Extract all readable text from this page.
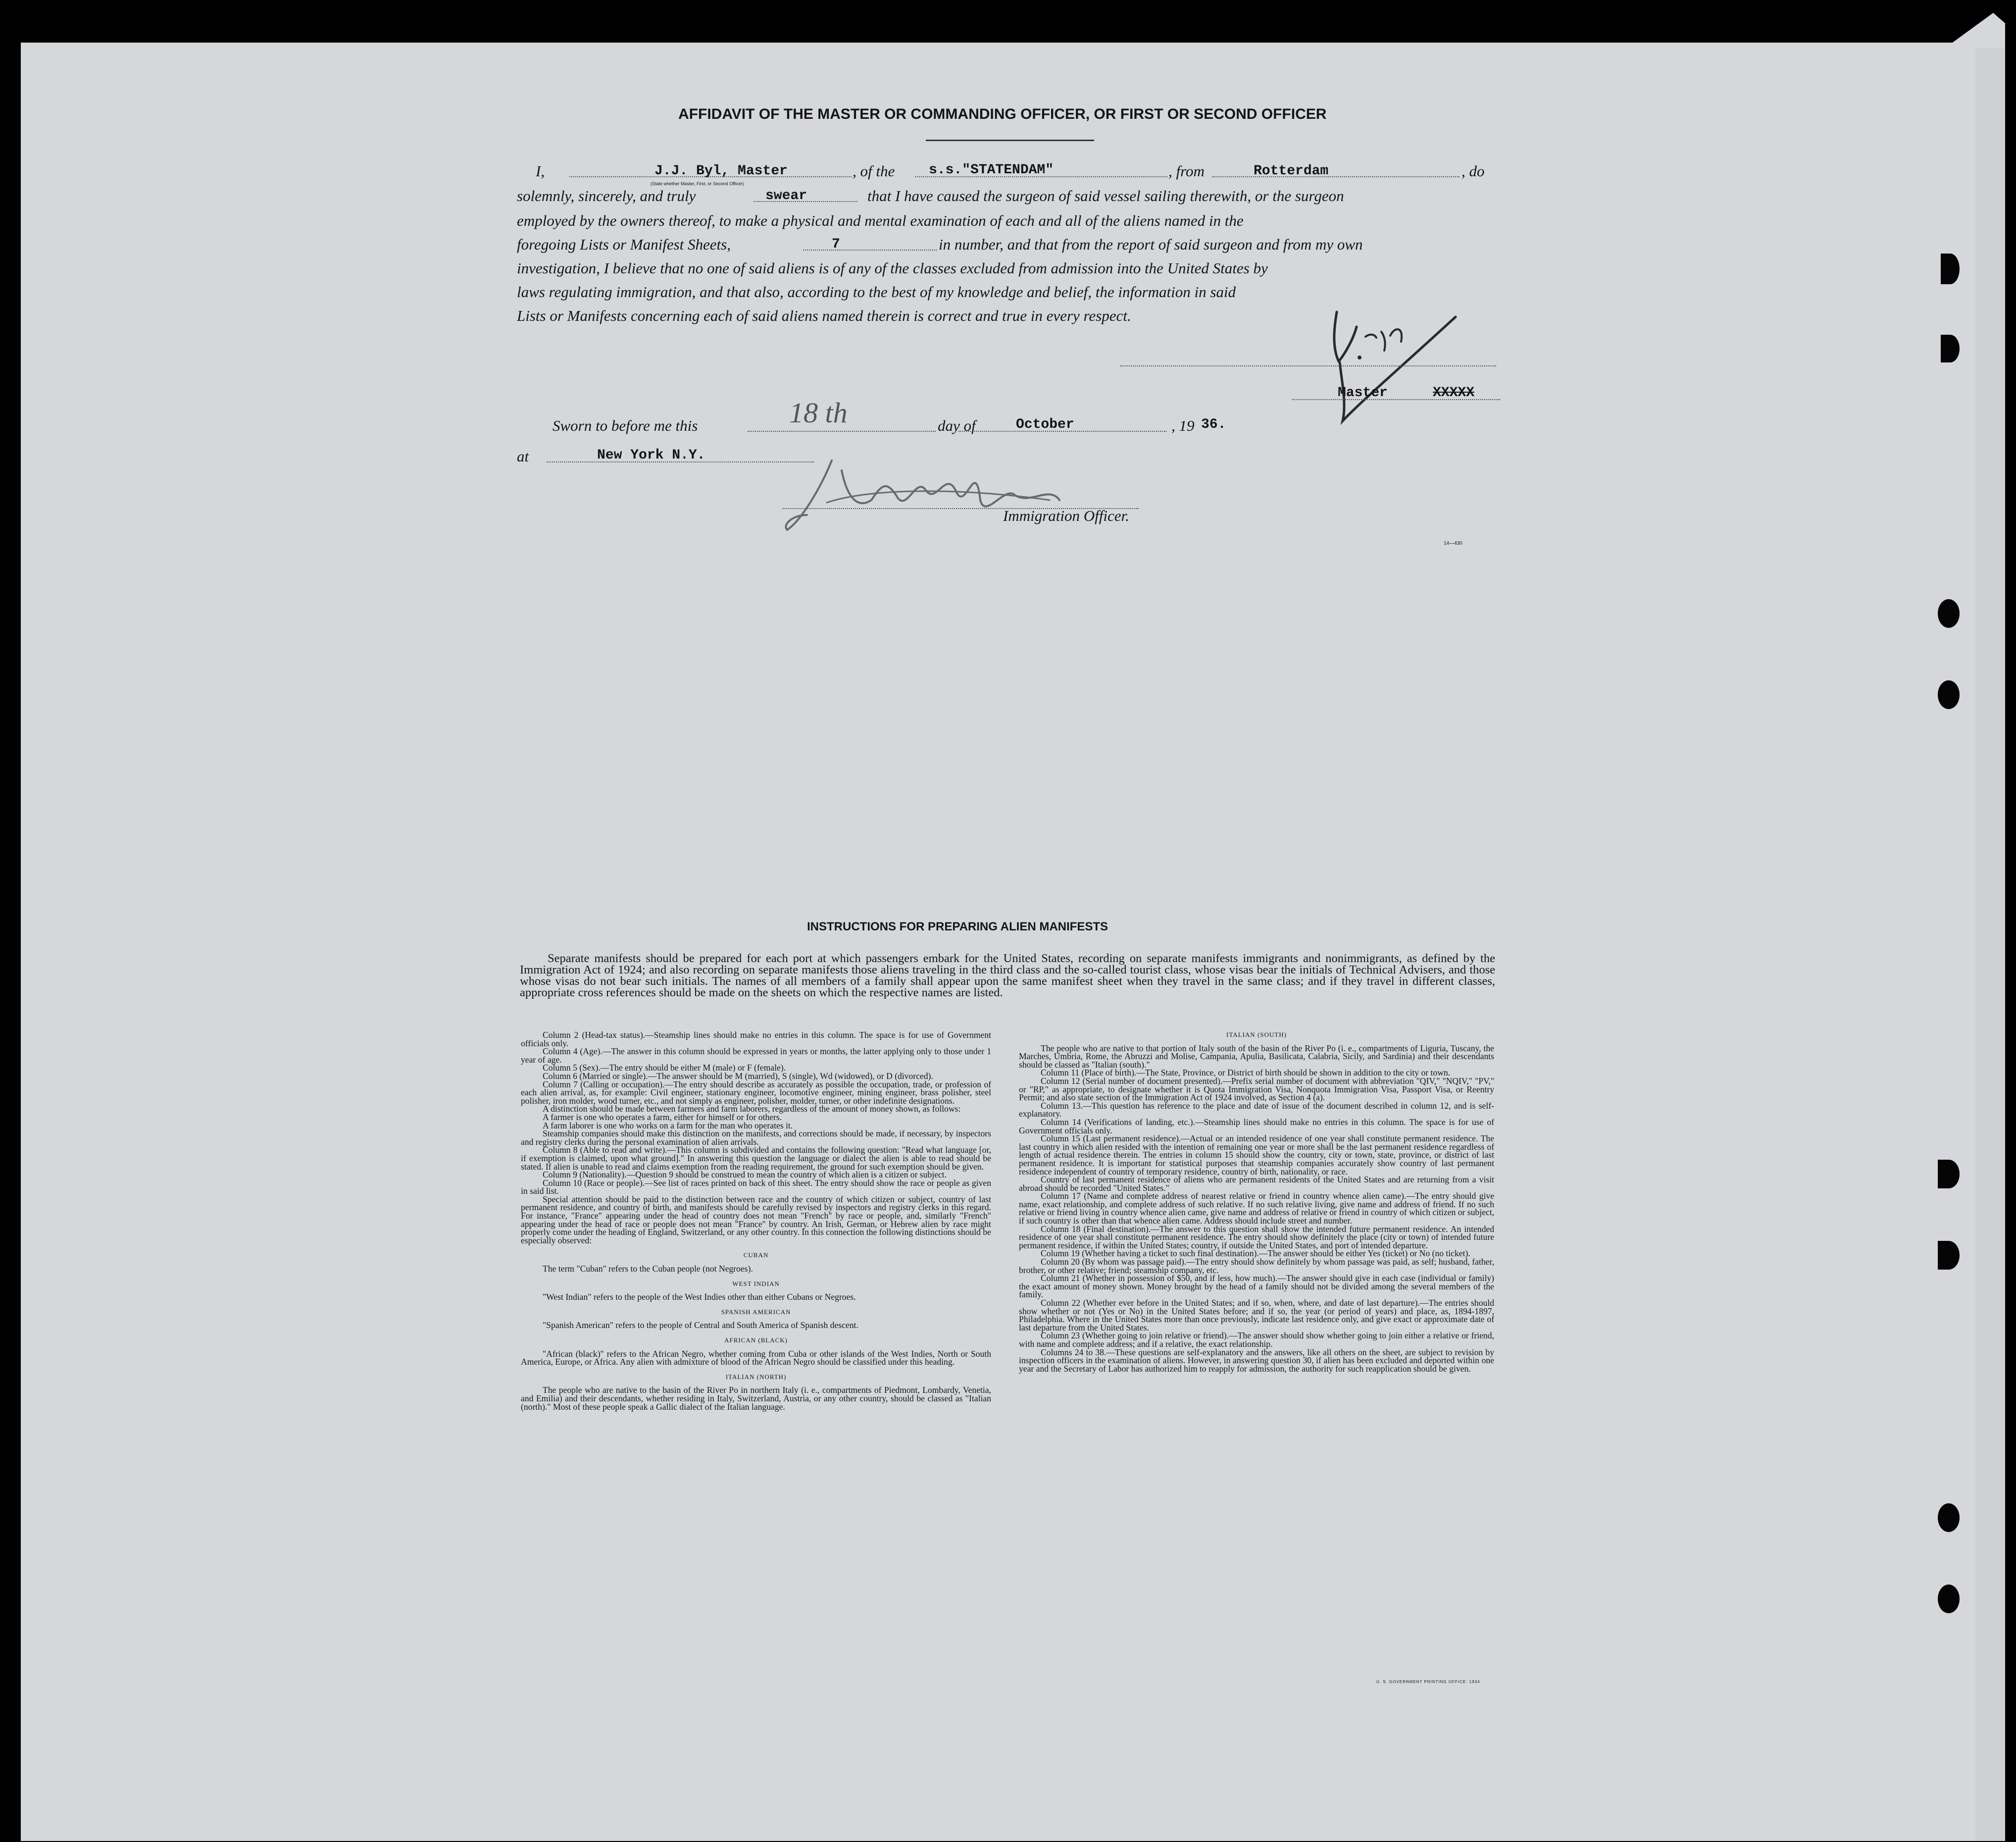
AFFIDAVIT OF THE MASTER OR COMMANDING OFFICER, OR FIRST OR SECOND OFFICER
I,	J.J. Byl, Master
(State whether Master, First, or Second Officer)
, of the s.s."STATENDAM"	, from	Rotterdam	, do
solemnly, sincerely, and truly	swear	that I have caused the surgeon of said vessel sailing therewith, or the surgeon
employed by the owners thereof, to make a physical and mental examination of each and all of the aliens named in the
foregoing Lists or Manifest Sheets,	7	in number, and that from the report of said surgeon and from my own
investigation, I believe that no one of said aliens is of any of the classes excluded from admission into the United States by
laws regulating immigration, and that also, according to the best of my knowledge and belief, the information in said
Lists or Manifests concerning each of said aliens named therein is correct and true in every respect.
Master	XXXXX
Sworn to before me this	18 th	day of	October	, 19 36.
at	New York N.Y.
Immigration Officer.
14—430
INSTRUCTIONS FOR PREPARING ALIEN MANIFESTS
Separate manifests should be prepared for each port at which passengers embark for the United States, recording on separate manifests immigrants and nonimmigrants, as defined by the Immigration Act of 1924; and also recording on separate manifests those aliens traveling in the third class and the so-called tourist class, whose visas bear the initials of Technical Advisers, and those whose visas do not bear such initials. The names of all members of a family shall appear upon the same manifest sheet when they travel in the same class; and if they travel in different classes, appropriate cross references should be made on the sheets on which the respective names are listed.

Column 2 (Head-tax status).—Steamship lines should make no entries in this column. The space is for use of Government officials only.

Column 4 (Age).—The answer in this column should be expressed in years or months, the latter applying only to those under 1 year of age.

Column 5 (Sex).—The entry should be either M (male) or F (female).

Column 6 (Married or single).—The answer should be M (married), S (single), Wd (widowed), or D (divorced).

Column 7 (Calling or occupation).—The entry should describe as accurately as possible the occupation, trade, or profession of each alien arrival, as, for example: Civil engineer, stationary engineer, locomotive engineer, mining engineer, brass polisher, steel polisher, iron molder, wood turner, etc., and not simply as engineer, polisher, molder, turner, or other indefinite designations.

A distinction should be made between farmers and farm laborers, regardless of the amount of money shown, as follows:

A farmer is one who operates a farm, either for himself or for others.

A farm laborer is one who works on a farm for the man who operates it.

Steamship companies should make this distinction on the manifests, and corrections should be made, if necessary, by inspectors and registry clerks during the personal examination of alien arrivals.

Column 8 (Able to read and write).—This column is subdivided and contains the following question: "Read what language [or, if exemption is claimed, upon what ground]." In answering this question the language or dialect the alien is able to read should be stated. If alien is unable to read and claims exemption from the reading requirement, the ground for such exemption should be given.

Column 9 (Nationality).—Question 9 should be construed to mean the country of which alien is a citizen or subject.

Column 10 (Race or people).—See list of races printed on back of this sheet. The entry should show the race or people as given in said list.

Special attention should be paid to the distinction between race and the country of which citizen or subject, country of last permanent residence, and country of birth, and manifests should be carefully revised by inspectors and registry clerks in this regard. For instance, "France" appearing under the head of country does not mean "French" by race or people, and, similarly "French" appearing under the head of race or people does not mean "France" by country. An Irish, German, or Hebrew alien by race might properly come under the heading of England, Switzerland, or any other country. In this connection the following distinctions should be especially observed:

CUBAN

The term "Cuban" refers to the Cuban people (not Negroes).

WEST INDIAN

"West Indian" refers to the people of the West Indies other than either Cubans or Negroes.

SPANISH AMERICAN

"Spanish American" refers to the people of Central and South America of Spanish descent.

AFRICAN (BLACK)

"African (black)" refers to the African Negro, whether coming from Cuba or other islands of the West Indies, North or South America, Europe, or Africa. Any alien with admixture of blood of the African Negro should be classified under this heading.

ITALIAN (NORTH)

The people who are native to the basin of the River Po in northern Italy (i. e., compartments of Piedmont, Lombardy, Venetia, and Emilia) and their descendants, whether residing in Italy, Switzerland, Austria, or any other country, should be classed as "Italian (north)." Most of these people speak a Gallic dialect of the Italian language.

ITALIAN (SOUTH)

The people who are native to that portion of Italy south of the basin of the River Po (i. e., compartments of Liguria, Tuscany, the Marches, Umbria, Rome, the Abruzzi and Molise, Campania, Apulia, Basilicata, Calabria, Sicily, and Sardinia) and their descendants should be classed as "Italian (south)."

Column 11 (Place of birth).—The State, Province, or District of birth should be shown in addition to the city or town.

Column 12 (Serial number of document presented).—Prefix serial number of document with abbreviation "QIV," "NQIV," "PV," or "RP," as appropriate, to designate whether it is Quota Immigration Visa, Nonquota Immigration Visa, Passport Visa, or Reentry Permit; and also state section of the Immigration Act of 1924 involved, as Section 4 (a).

Column 13.—This question has reference to the place and date of issue of the document described in column 12, and is self-explanatory.

Column 14 (Verifications of landing, etc.).—Steamship lines should make no entries in this column. The space is for use of Government officials only.

Column 15 (Last permanent residence).—Actual or an intended residence of one year shall constitute permanent residence. The last country in which alien resided with the intention of remaining one year or more shall be the last permanent residence regardless of length of actual residence therein. The entries in column 15 should show the country, city or town, state, province, or district of last permanent residence. It is important for statistical purposes that steamship companies accurately show country of last permanent residence independent of country of temporary residence, country of birth, nationality, or race.

Country of last permanent residence of aliens who are permanent residents of the United States and are returning from a visit abroad should be recorded "United States."

Column 17 (Name and complete address of nearest relative or friend in country whence alien came).—The entry should give name, exact relationship, and complete address of such relative. If no such relative living, give name and address of friend. If no such relative or friend living in country whence alien came, give name and address of relative or friend in country of which citizen or subject, if such country is other than that whence alien came. Address should include street and number.

Column 18 (Final destination).—The answer to this question shall show the intended future permanent residence. An intended residence of one year shall constitute permanent residence. The entry should show definitely the place (city or town) of intended future permanent residence, if within the United States; country, if outside the United States, and port of intended departure.

Column 19 (Whether having a ticket to such final destination).—The answer should be either Yes (ticket) or No (no ticket).

Column 20 (By whom was passage paid).—The entry should show definitely by whom passage was paid, as self; husband, father, brother, or other relative; friend; steamship company, etc.

Column 21 (Whether in possession of $50, and if less, how much).—The answer should give in each case (individual or family) the exact amount of money shown. Money brought by the head of a family should not be divided among the several members of the family.

Column 22 (Whether ever before in the United States; and if so, when, where, and date of last departure).—The entries should show whether or not (Yes or No) in the United States before; and if so, the year (or period of years) and place, as, 1894-1897, Philadelphia. Where in the United States more than once previously, indicate last residence only, and give exact or approximate date of last departure from the United States.

Column 23 (Whether going to join relative or friend).—The answer should show whether going to join either a relative or friend, with name and complete address; and if a relative, the exact relationship.

Columns 24 to 38.—These questions are self-explanatory and the answers, like all others on the sheet, are subject to revision by inspection officers in the examination of aliens. However, in answering question 30, if alien has been excluded and deported within one year and the Secretary of Labor has authorized him to reapply for admission, the authority for such reapplication should be given.

U. S. GOVERNMENT PRINTING OFFICE: 1934
